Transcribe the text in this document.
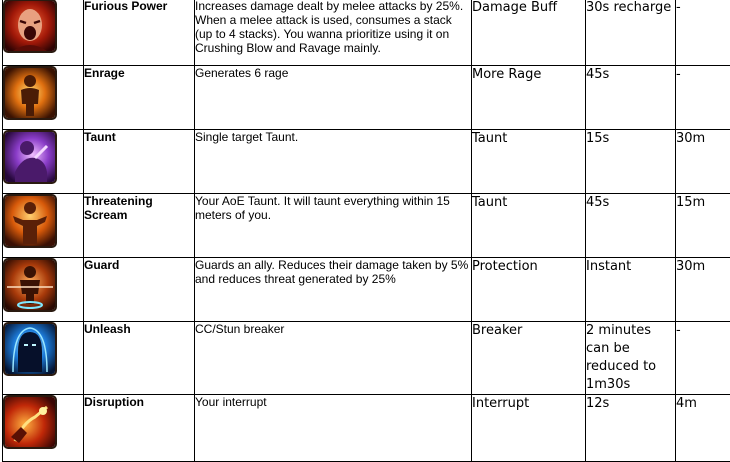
	Furious Power	Increases damage dealt by melee attacks by 25%. When a melee attack is used, consumes a stack (up to 4 stacks). You wanna prioritize using it on Crushing Blow and Ravage mainly.	Damage Buff	30s recharge	-

	Enrage	Generates 6 rage	More Rage	45s	-

	Taunt	Single target Taunt.	Taunt	15s	30m

	Threatening Scream	Your AoE Taunt. It will taunt everything within 15 meters of you.	Taunt	45s	15m

	Guard	Guards an ally. Reduces their damage taken by 5% and reduces threat generated by 25%	Protection	Instant	30m

	Unleash	CC/Stun breaker	Breaker	2 minutes can be reduced to 1m30s	-

	Disruption	Your interrupt	Interrupt	12s	4m
